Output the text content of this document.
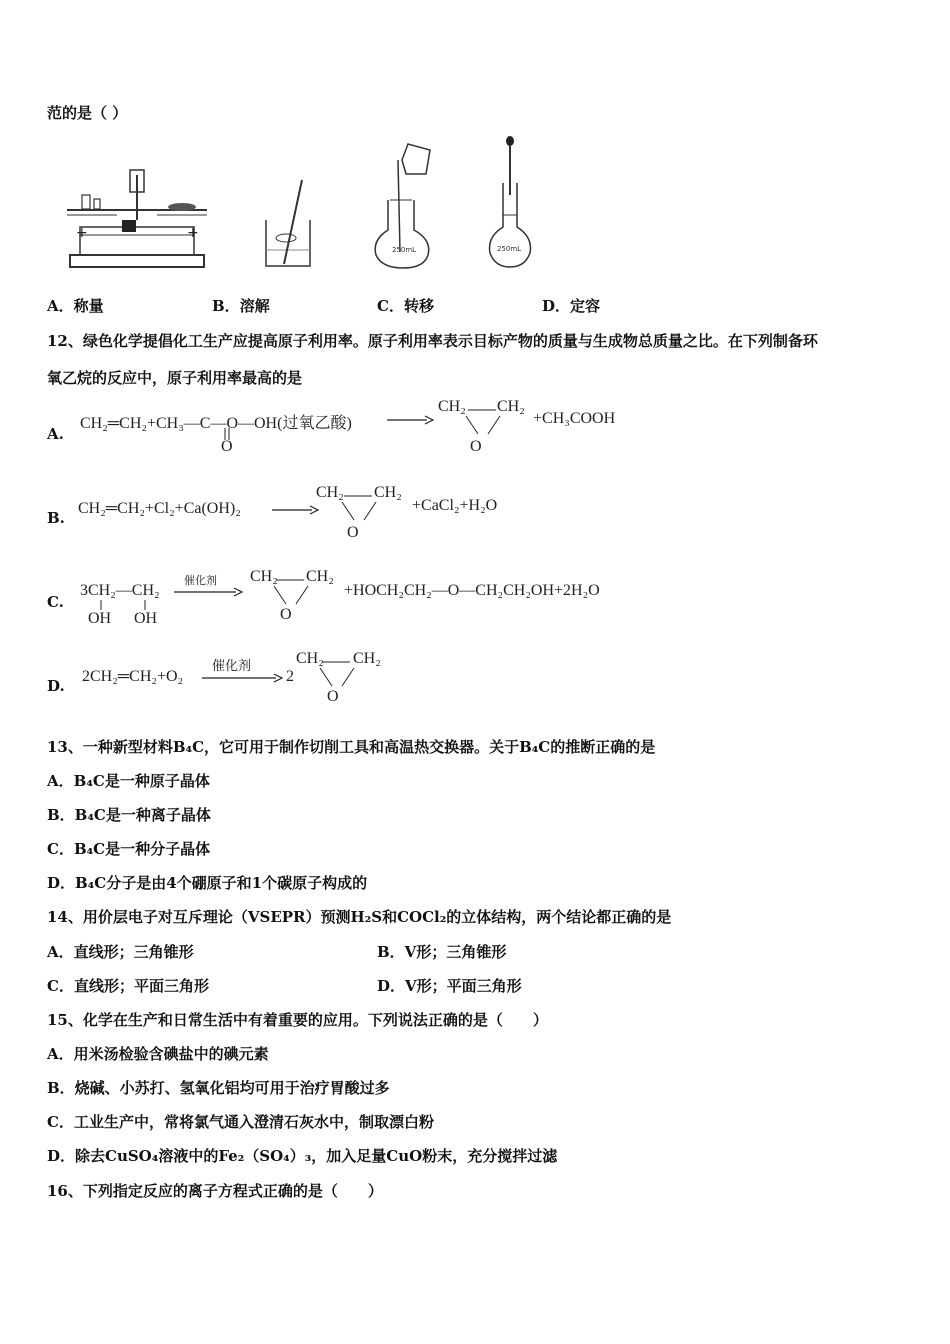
范的是（ ）
+	+
250mL	250mL
A．称量	B．溶解	C．转移	D．定容
12、绿色化学提倡化工生产应提高原子利用率。原子利用率表示目标产物的质量与生成物总质量之比。在下列制备环
氧乙烷的反应中，原子利用率最高的是
A.
CH₂═CH₂+CH₃—C—O—OH(过氧乙酸)
O
CH₂ CH₂
O
+CH₃COOH
B.
CH₂═CH₂+Cl₂+Ca(OH)₂
CH₂ CH₂
O
+CaCl₂+H₂O
C.
3CH₂—CH₂
OH OH
催化剂 CH₂ CH₂
O
+HOCH₂CH₂—O—CH₂CH₂OH+2H₂O
D.
2CH₂═CH₂+O₂
催化剂
2
CH₂ CH₂
O
13、一种新型材料B₄C，它可用于制作切削工具和高温热交换器。关于B₄C的推断正确的是
A．B₄C是一种原子晶体
B．B₄C是一种离子晶体
C．B₄C是一种分子晶体
D．B₄C分子是由4个硼原子和1个碳原子构成的
14、用价层电子对互斥理论（VSEPR）预测H₂S和COCl₂的立体结构，两个结论都正确的是
A．直线形；三角锥形	B．V形；三角锥形
C．直线形；平面三角形	D．V形；平面三角形
15、化学在生产和日常生活中有着重要的应用。下列说法正确的是（　　）
A．用米汤检验含碘盐中的碘元素
B．烧碱、小苏打、氢氧化铝均可用于治疗胃酸过多
C．工业生产中，常将氯气通入澄清石灰水中，制取漂白粉
D．除去CuSO₄溶液中的Fe₂（SO₄）₃，加入足量CuO粉末，充分搅拌过滤
16、下列指定反应的离子方程式正确的是（　　）
